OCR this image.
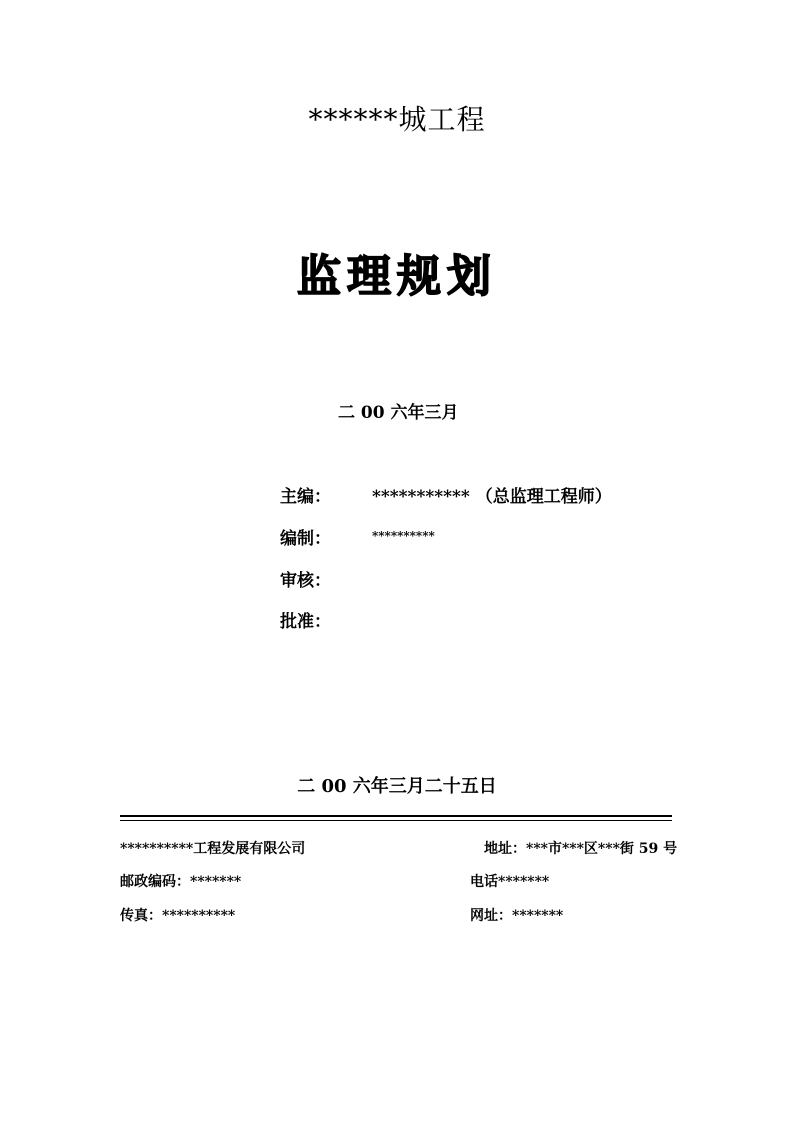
******城工程
监理规划
二 00 六年三月
主编： *********** （总监理工程师）
编制：	**********
审核：
批准：
二 00 六年三月二十五日
**********工程发展有限公司	地址：***市***区***街 59 号
邮政编码：*******	电话*******
传真：**********	网址：*******
